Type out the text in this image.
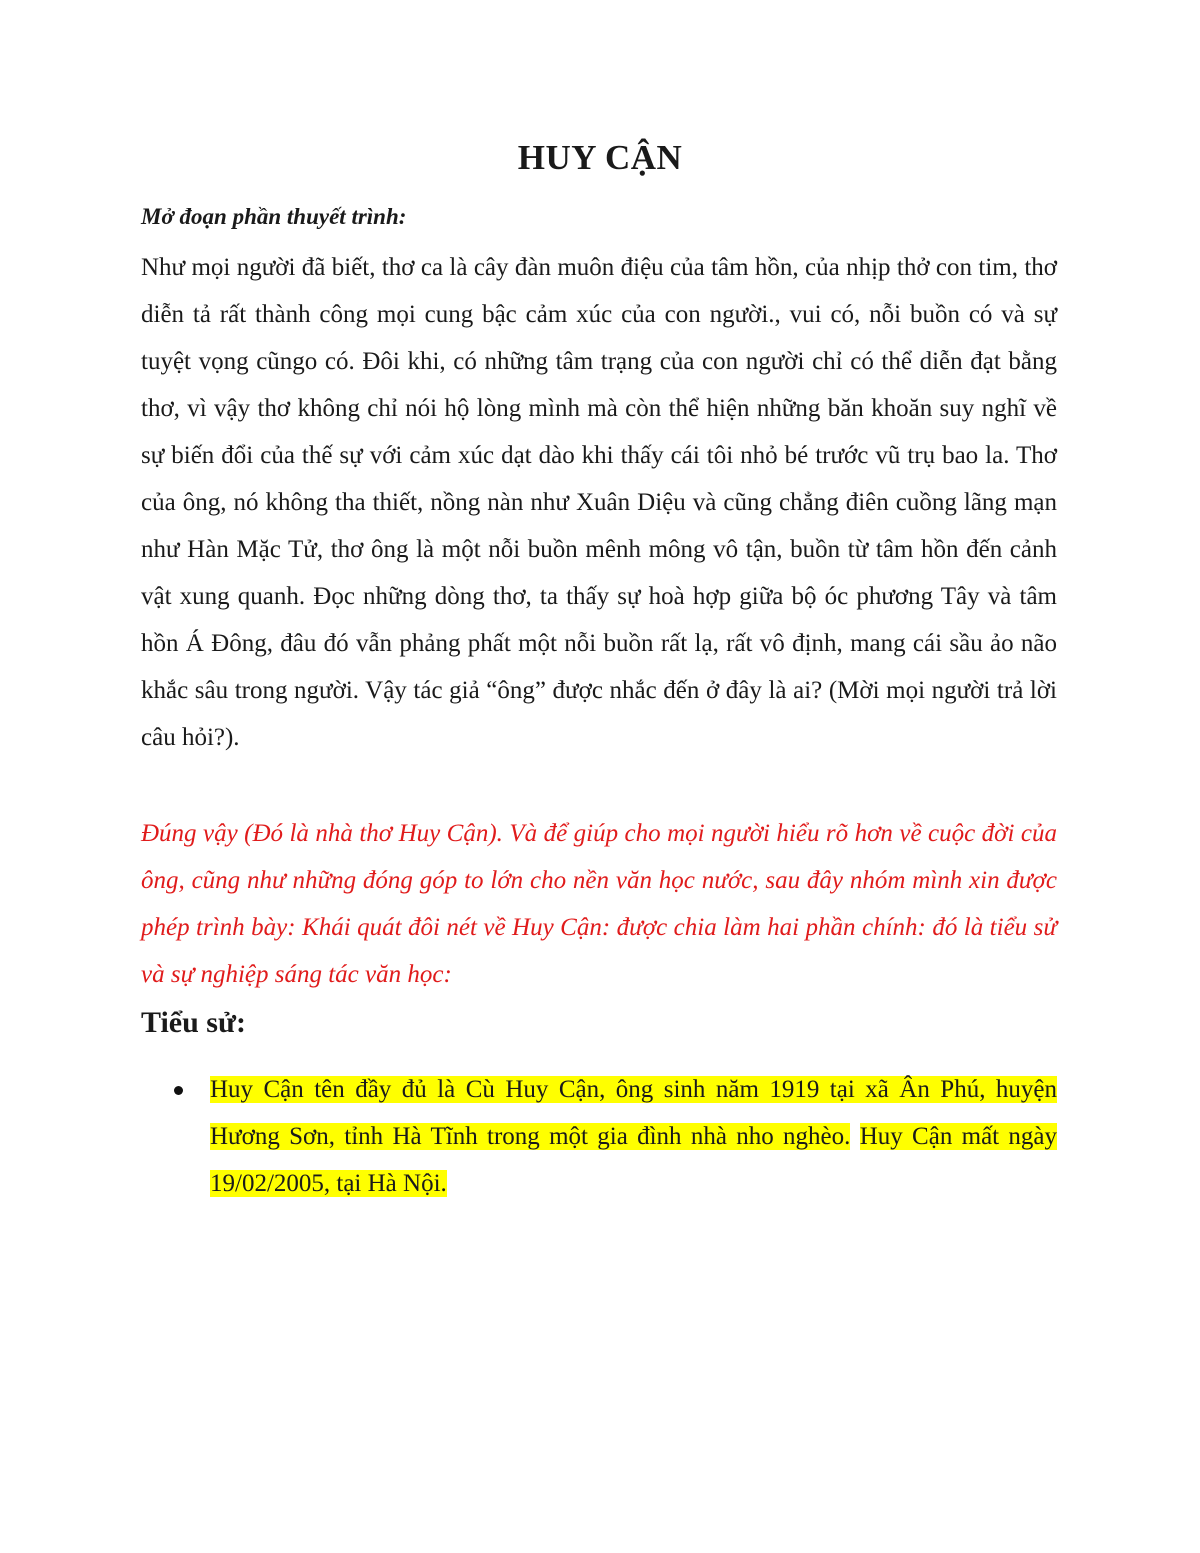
HUY CẬN

Mở đoạn phần thuyết trình:

Như mọi người đã biết, thơ ca là cây đàn muôn điệu của tâm hồn, của nhịp thở con tim, thơ diễn tả rất thành công mọi cung bậc cảm xúc của con người., vui có, nỗi buồn có và sự tuyệt vọng cũngo có. Đôi khi, có những tâm trạng của con người chỉ có thể diễn đạt bằng thơ, vì vậy thơ không chỉ nói hộ lòng mình mà còn thể hiện những băn khoăn suy nghĩ về sự biến đổi của thế sự với cảm xúc dạt dào khi thấy cái tôi nhỏ bé trước vũ trụ bao la. Thơ của ông, nó không tha thiết, nồng nàn như Xuân Diệu và cũng chẳng điên cuồng lãng mạn như Hàn Mặc Tử, thơ ông là một nỗi buồn mênh mông vô tận, buồn từ tâm hồn đến cảnh vật xung quanh. Đọc những dòng thơ, ta thấy sự hoà hợp giữa bộ óc phương Tây và tâm hồn Á Đông, đâu đó vẫn phảng phất một nỗi buồn rất lạ, rất vô định, mang cái sầu ảo não khắc sâu trong người. Vậy tác giả “ông” được nhắc đến ở đây là ai? (Mời mọi người trả lời câu hỏi?).

Đúng vậy (Đó là nhà thơ Huy Cận). Và để giúp cho mọi người hiểu rõ hơn về cuộc đời của ông, cũng như những đóng góp to lớn cho nền văn học nước, sau đây nhóm mình xin được phép trình bày: Khái quát đôi nét về Huy Cận: được chia làm hai phần chính: đó là tiểu sử và sự nghiệp sáng tác văn học:

Tiểu sử:
Huy Cận tên đầy đủ là Cù Huy Cận, ông sinh năm 1919 tại xã Ân Phú, huyện Hương Sơn, tỉnh Hà Tĩnh trong một gia đình nhà nho nghèo. Huy Cận mất ngày 19/02/2005, tại Hà Nội.
